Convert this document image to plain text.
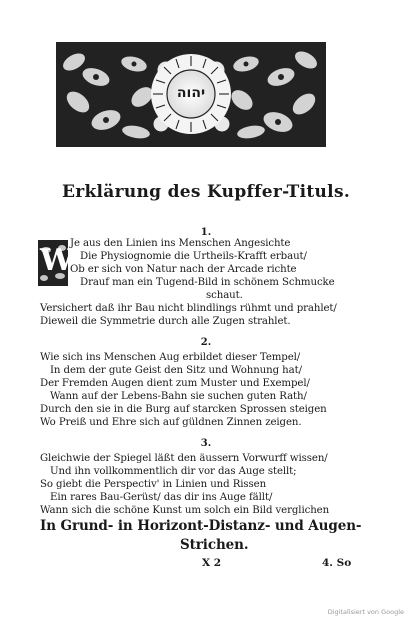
יהוה
Erklärung des Kupffer-Tituls.
1.
W
Je aus den Linien ins Menschen Angesichte
Die Physiognomie die Urtheils-Krafft erbaut/
Ob er sich von Natur nach der Arcade richte
Drauf man ein Tugend-Bild in schönem Schmucke
schaut.
Versichert daß ihr Bau nicht blindlings rühmt und prahlet/
Dieweil die Symmetrie durch alle Zugen strahlet.
2.
Wie sich ins Menschen Aug erbildet dieser Tempel/
In dem der gute Geist den Sitz und Wohnung hat/
Der Fremden Augen dient zum Muster und Exempel/
Wann auf der Lebens-Bahn sie suchen guten Rath/
Durch den sie in die Burg auf starcken Sprossen steigen
Wo Preiß und Ehre sich auf güldnen Zinnen zeigen.
3.
Gleichwie der Spiegel läßt den äussern Vorwurff wissen/
Und ihn vollkommentlich dir vor das Auge stellt;
So giebt die Perspectiv' in Linien und Rissen
Ein rares Bau-Gerüst/ das dir ins Auge fällt/
Wann sich die schöne Kunst um solch ein Bild verglichen
In Grund- in Horizont-Distanz- und Augen-
Strichen.
X 2	4. So
Digitalisiert von Google
